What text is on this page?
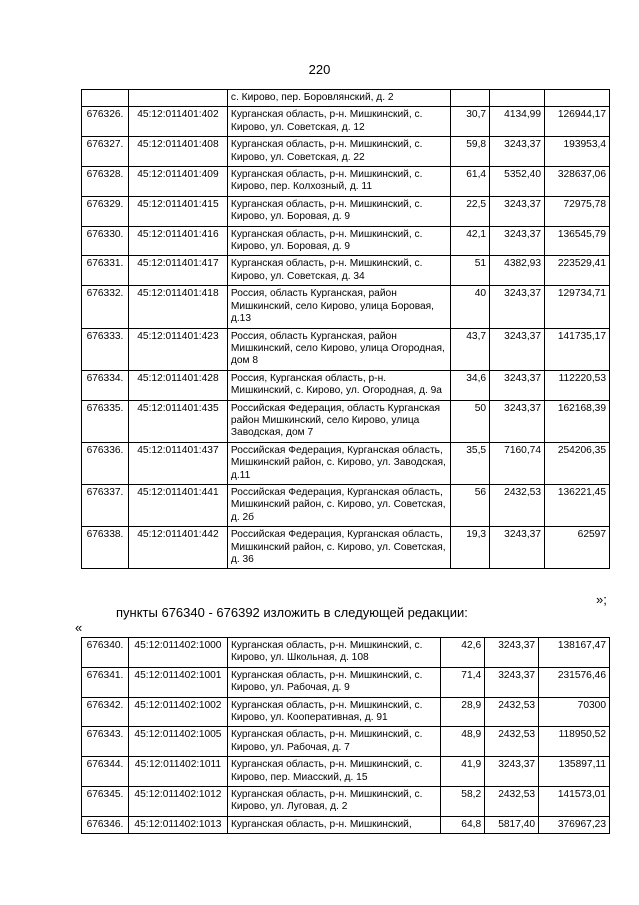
220
		с. Кирово, пер. Боровлянский, д. 2			
676326.	45:12:011401:402	Курганская область, р-н. Мишкинский, с. Кирово, ул. Советская, д. 12	30,7	4134,99	126944,17
676327.	45:12:011401:408	Курганская область, р-н. Мишкинский, с. Кирово, ул. Советская, д. 22	59,8	3243,37	193953,4
676328.	45:12:011401:409	Курганская область, р-н. Мишкинский, с. Кирово, пер. Колхозный, д. 11	61,4	5352,40	328637,06
676329.	45:12:011401:415	Курганская область, р-н. Мишкинский, с. Кирово, ул. Боровая, д. 9	22,5	3243,37	72975,78
676330.	45:12:011401:416	Курганская область, р-н. Мишкинский, с. Кирово, ул. Боровая, д. 9	42,1	3243,37	136545,79
676331.	45:12:011401:417	Курганская область, р-н. Мишкинский, с. Кирово, ул. Советская, д. 34	51	4382,93	223529,41
676332.	45:12:011401:418	Россия, область Курганская, район Мишкинский, село Кирово, улица Боровая, д.13	40	3243,37	129734,71
676333.	45:12:011401:423	Россия, область Курганская, район Мишкинский, село Кирово, улица Огородная, дом 8	43,7	3243,37	141735,17
676334.	45:12:011401:428	Россия, Курганская область, р-н. Мишкинский, с. Кирово, ул. Огородная, д. 9а	34,6	3243,37	112220,53
676335.	45:12:011401:435	Российская Федерация, область Курганская район Мишкинский, село Кирово, улица Заводская, дом 7	50	3243,37	162168,39
676336.	45:12:011401:437	Российская Федерация, Курганская область, Мишкинский район, с. Кирово, ул. Заводская, д.11	35,5	7160,74	254206,35
676337.	45:12:011401:441	Российская Федерация, Курганская область, Мишкинский район, с. Кирово, ул. Советская, д. 2б	56	2432,53	136221,45
676338.	45:12:011401:442	Российская Федерация, Курганская область, Мишкинский район, с. Кирово, ул. Советская, д. 36	19,3	3243,37	62597
»;
пункты 676340 - 676392 изложить в следующей редакции:
«
676340.	45:12:011402:1000	Курганская область, р-н. Мишкинский, с. Кирово, ул. Школьная, д. 108	42,6	3243,37	138167,47
676341.	45:12:011402:1001	Курганская область, р-н. Мишкинский, с. Кирово, ул. Рабочая, д. 9	71,4	3243,37	231576,46
676342.	45:12:011402:1002	Курганская область, р-н. Мишкинский, с. Кирово, ул. Кооперативная, д. 91	28,9	2432,53	70300
676343.	45:12:011402:1005	Курганская область, р-н. Мишкинский, с. Кирово, ул. Рабочая, д. 7	48,9	2432,53	118950,52
676344.	45:12:011402:1011	Курганская область, р-н. Мишкинский, с. Кирово, пер. Миасский, д. 15	41,9	3243,37	135897,11
676345.	45:12:011402:1012	Курганская область, р-н. Мишкинский, с. Кирово, ул. Луговая, д. 2	58,2	2432,53	141573,01
676346.	45:12:011402:1013	Курганская область, р-н. Мишкинский,	64,8	5817,40	376967,23
